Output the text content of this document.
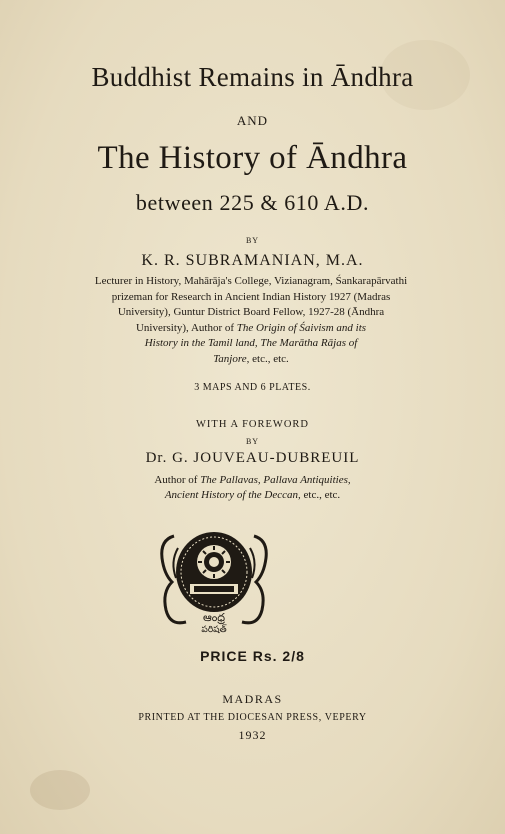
Buddhist Remains in Āndhra
AND
The History of Āndhra
between 225 & 610 A.D.
BY
K. R. SUBRAMANIAN, M.A.
Lecturer in History, Mahārāja's College, Vizianagram, Śankarapārvathi
prizeman for Research in Ancient Indian History 1927 (Madras
University), Guntur District Board Fellow, 1927-28 (Āndhra
University), Author of The Origin of Śaivism and its
History in the Tamil land, The Marātha Rājas of
Tanjore, etc., etc.
3 MAPS AND 6 PLATES.
WITH A FOREWORD
BY
Dr. G. JOUVEAU-DUBREUIL
Author of The Pallavas, Pallava Antiquities,
Ancient History of the Deccan, etc., etc.
ఆంధ్ర
పరిషత్
PRICE Rs. 2/8
MADRAS
PRINTED AT THE DIOCESAN PRESS, VEPERY
1932
